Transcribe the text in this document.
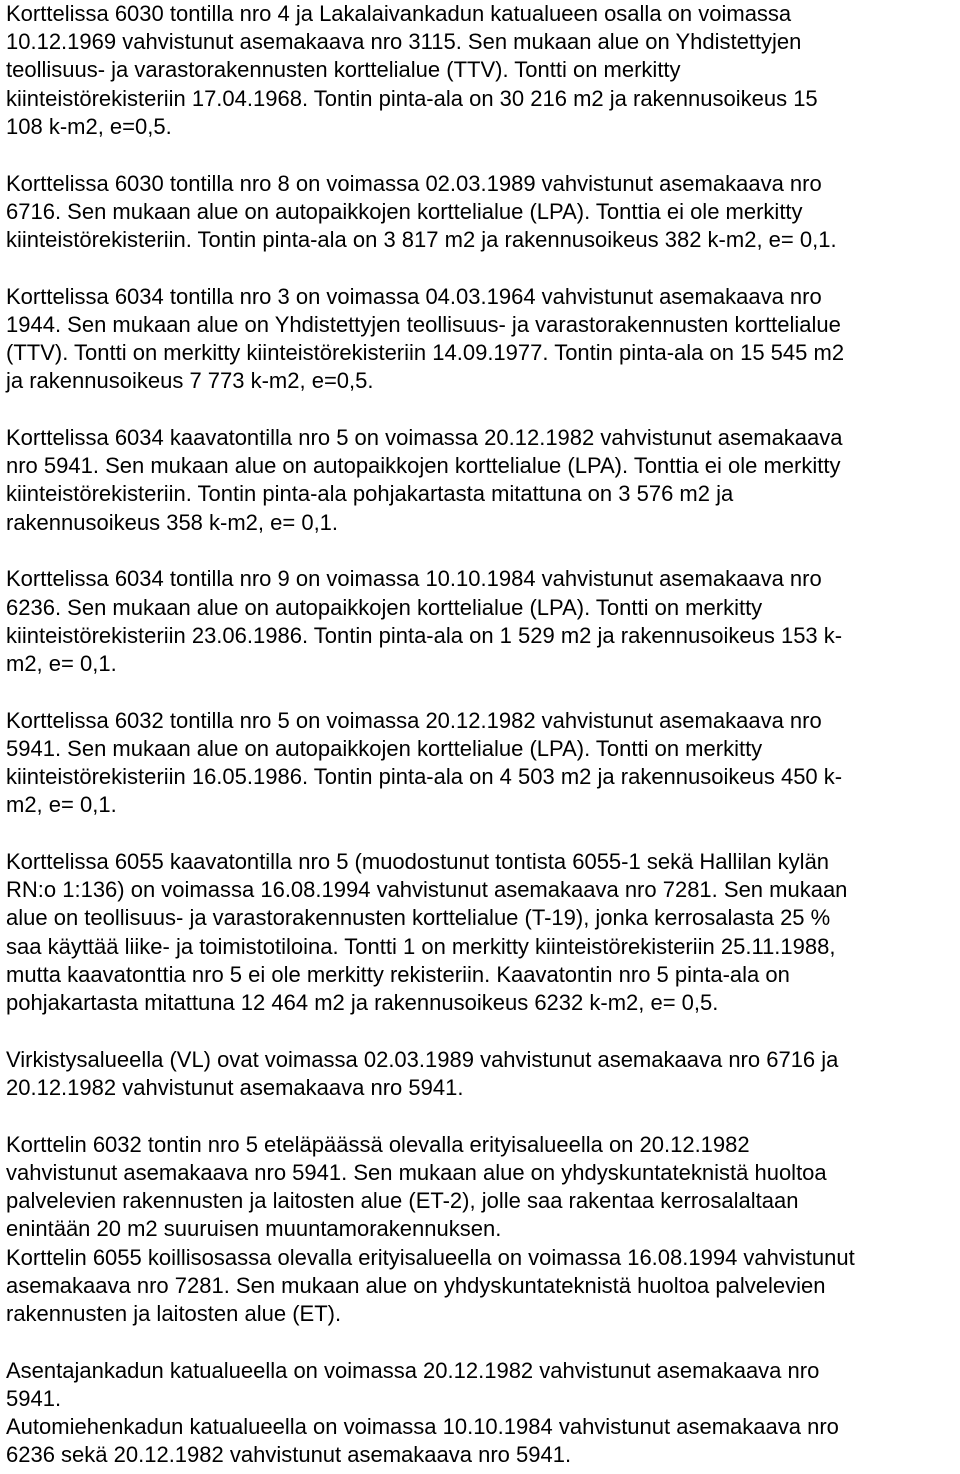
Korttelissa 6030 tontilla nro 4 ja Lakalaivankadun katualueen osalla on voimassa
10.12.1969 vahvistunut asemakaava nro 3115. Sen mukaan alue on Yhdistettyjen
teollisuus- ja varastorakennusten korttelialue (TTV). Tontti on merkitty
kiinteistörekisteriin 17.04.1968. Tontin pinta-ala on 30 216 m2 ja rakennusoikeus 15
108 k-m2, e=0,5.

Korttelissa 6030 tontilla nro 8 on voimassa 02.03.1989 vahvistunut asemakaava nro
6716. Sen mukaan alue on autopaikkojen korttelialue (LPA). Tonttia ei ole merkitty
kiinteistörekisteriin. Tontin pinta-ala on 3 817 m2 ja rakennusoikeus 382 k-m2, e= 0,1.

Korttelissa 6034 tontilla nro 3 on voimassa 04.03.1964 vahvistunut asemakaava nro
1944. Sen mukaan alue on Yhdistettyjen teollisuus- ja varastorakennusten korttelialue
(TTV). Tontti on merkitty kiinteistörekisteriin 14.09.1977. Tontin pinta-ala on 15 545 m2
ja rakennusoikeus 7 773 k-m2, e=0,5.

Korttelissa 6034 kaavatontilla nro 5 on voimassa 20.12.1982 vahvistunut asemakaava
nro 5941. Sen mukaan alue on autopaikkojen korttelialue (LPA). Tonttia ei ole merkitty
kiinteistörekisteriin. Tontin pinta-ala pohjakartasta mitattuna on 3 576 m2 ja
rakennusoikeus 358 k-m2, e= 0,1.

Korttelissa 6034 tontilla nro 9 on voimassa 10.10.1984 vahvistunut asemakaava nro
6236. Sen mukaan alue on autopaikkojen korttelialue (LPA). Tontti on merkitty
kiinteistörekisteriin 23.06.1986. Tontin pinta-ala on 1 529 m2 ja rakennusoikeus 153 k-
m2, e= 0,1.

Korttelissa 6032 tontilla nro 5 on voimassa 20.12.1982 vahvistunut asemakaava nro
5941. Sen mukaan alue on autopaikkojen korttelialue (LPA). Tontti on merkitty
kiinteistörekisteriin 16.05.1986. Tontin pinta-ala on 4 503 m2 ja rakennusoikeus 450 k-
m2, e= 0,1.

Korttelissa 6055 kaavatontilla nro 5 (muodostunut tontista 6055-1 sekä Hallilan kylän
RN:o 1:136) on voimassa 16.08.1994 vahvistunut asemakaava nro 7281. Sen mukaan
alue on teollisuus- ja varastorakennusten korttelialue (T-19), jonka kerrosalasta 25 %
saa käyttää liike- ja toimistotiloina. Tontti 1 on merkitty kiinteistörekisteriin 25.11.1988,
mutta kaavatonttia nro 5 ei ole merkitty rekisteriin. Kaavatontin nro 5 pinta-ala on
pohjakartasta mitattuna 12 464 m2 ja rakennusoikeus 6232 k-m2, e= 0,5.

Virkistysalueella (VL) ovat voimassa 02.03.1989 vahvistunut asemakaava nro 6716 ja
20.12.1982 vahvistunut asemakaava nro 5941.

Korttelin 6032 tontin nro 5 eteläpäässä olevalla erityisalueella on 20.12.1982
vahvistunut asemakaava nro 5941. Sen mukaan alue on yhdyskuntateknistä huoltoa
palvelevien rakennusten ja laitosten alue (ET-2), jolle saa rakentaa kerrosalaltaan
enintään 20 m2 suuruisen muuntamorakennuksen.

Korttelin 6055 koillisosassa olevalla erityisalueella on voimassa 16.08.1994 vahvistunut
asemakaava nro 7281. Sen mukaan alue on yhdyskuntateknistä huoltoa palvelevien
rakennusten ja laitosten alue (ET).

Asentajankadun katualueella on voimassa 20.12.1982 vahvistunut asemakaava nro
5941.

Automiehenkadun katualueella on voimassa 10.10.1984 vahvistunut asemakaava nro
6236 sekä 20.12.1982 vahvistunut asemakaava nro 5941.
